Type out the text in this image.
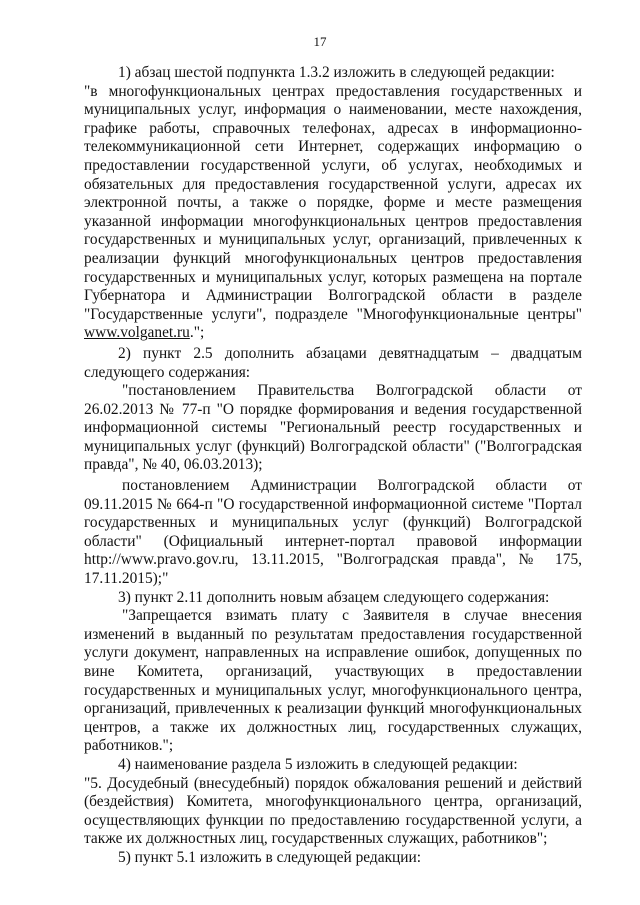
17

1) абзац шестой подпункта 1.3.2 изложить в следующей редакции:

"в многофункциональных центрах предоставления государственных и муниципальных услуг, информация о наименовании, месте нахождения, графике работы, справочных телефонах, адресах в информационно-телекоммуникационной сети Интернет, содержащих информацию о предоставлении государственной услуги, об услугах, необходимых и обязательных для предоставления государственной услуги, адресах их электронной почты, а также о порядке, форме и месте размещения указанной информации многофункциональных центров предоставления государственных и муниципальных услуг, организаций, привлеченных к реализации функций многофункциональных центров предоставления государственных и муниципальных услуг, которых размещена на портале Губернатора и Администрации Волгоградской области в разделе "Государственные услуги", подразделе "Многофункциональные центры" www.volganet.ru.";

2) пункт 2.5 дополнить абзацами девятнадцатым – двадцатым следующего содержания:

"постановлением Правительства Волгоградской области от 26.02.2013 № 77-п "О порядке формирования и ведения государственной информационной системы "Региональный реестр государственных и муниципальных услуг (функций) Волгоградской области" ("Волгоградская правда", № 40, 06.03.2013);

постановлением Администрации Волгоградской области от 09.11.2015 № 664-п "О государственной информационной системе "Портал государственных и муниципальных услуг (функций) Волгоградской области" (Официальный интернет-портал правовой информации http://www.pravo.gov.ru, 13.11.2015, "Волгоградская правда", № 175, 17.11.2015);"

3) пункт 2.11 дополнить новым абзацем следующего содержания:

"Запрещается взимать плату с Заявителя в случае внесения изменений в выданный по результатам предоставления государственной услуги документ, направленных на исправление ошибок, допущенных по вине Комитета, организаций, участвующих в предоставлении государственных и муниципальных услуг, многофункционального центра, организаций, привлеченных к реализации функций многофункциональных центров, а также их должностных лиц, государственных служащих, работников.";

4) наименование раздела 5 изложить в следующей редакции:

"5. Досудебный (внесудебный) порядок обжалования решений и действий (бездействия) Комитета, многофункционального центра, организаций, осуществляющих функции по предоставлению государственной услуги, а также их должностных лиц, государственных служащих, работников";

5) пункт 5.1 изложить в следующей редакции:
